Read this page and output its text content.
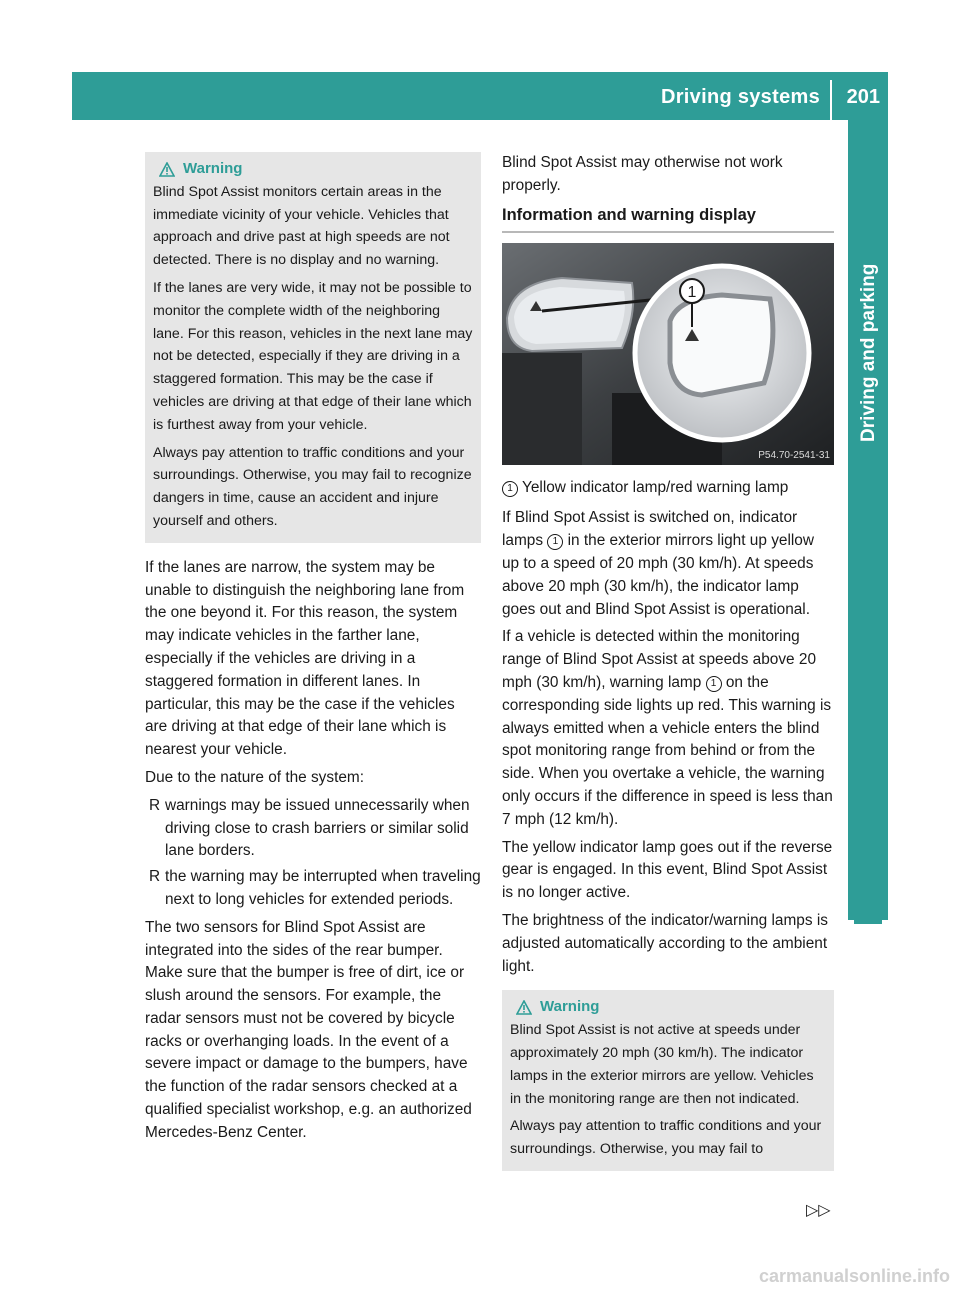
Driving systems 201
Driving and parking
Warning

Blind Spot Assist monitors certain areas in the immediate vicinity of your vehicle. Vehicles that approach and drive past at high speeds are not detected. There is no display and no warning.

If the lanes are very wide, it may not be possible to monitor the complete width of the neighboring lane. For this reason, vehicles in the next lane may not be detected, especially if they are driving in a staggered formation. This may be the case if vehicles are driving at that edge of their lane which is furthest away from your vehicle.

Always pay attention to traffic conditions and your surroundings. Otherwise, you may fail to recognize dangers in time, cause an accident and injure yourself and others.

If the lanes are narrow, the system may be unable to distinguish the neighboring lane from the one beyond it. For this reason, the system may indicate vehicles in the farther lane, especially if the vehicles are driving in a staggered formation in different lanes. In particular, this may be the case if the vehicles are driving at that edge of their lane which is nearest your vehicle.

Due to the nature of the system:

R warnings may be issued unnecessarily when driving close to crash barriers or similar solid lane borders.
R the warning may be interrupted when traveling next to long vehicles for extended periods.

The two sensors for Blind Spot Assist are integrated into the sides of the rear bumper. Make sure that the bumper is free of dirt, ice or slush around the sensors. For example, the radar sensors must not be covered by bicycle racks or overhanging loads. In the event of a severe impact or damage to the bumpers, have the function of the radar sensors checked at a qualified specialist workshop, e.g. an authorized Mercedes-Benz Center.

Blind Spot Assist may otherwise not work properly.

Information and warning display
1
P54.70-2541-31

1 Yellow indicator lamp/red warning lamp

If Blind Spot Assist is switched on, indicator lamps 1 in the exterior mirrors light up yellow up to a speed of 20 mph (30 km/h). At speeds above 20 mph (30 km/h), the indicator lamp goes out and Blind Spot Assist is operational.

If a vehicle is detected within the monitoring range of Blind Spot Assist at speeds above 20 mph (30 km/h), warning lamp 1 on the corresponding side lights up red. This warning is always emitted when a vehicle enters the blind spot monitoring range from behind or from the side. When you overtake a vehicle, the warning only occurs if the difference in speed is less than 7 mph (12 km/h).

The yellow indicator lamp goes out if the reverse gear is engaged. In this event, Blind Spot Assist is no longer active.

The brightness of the indicator/warning lamps is adjusted automatically according to the ambient light.

Warning

Blind Spot Assist is not active at speeds under approximately 20 mph (30 km/h). The indicator lamps in the exterior mirrors are yellow. Vehicles in the monitoring range are then not indicated.

Always pay attention to traffic conditions and your surroundings. Otherwise, you may fail to

▷▷
carmanualsonline.info
